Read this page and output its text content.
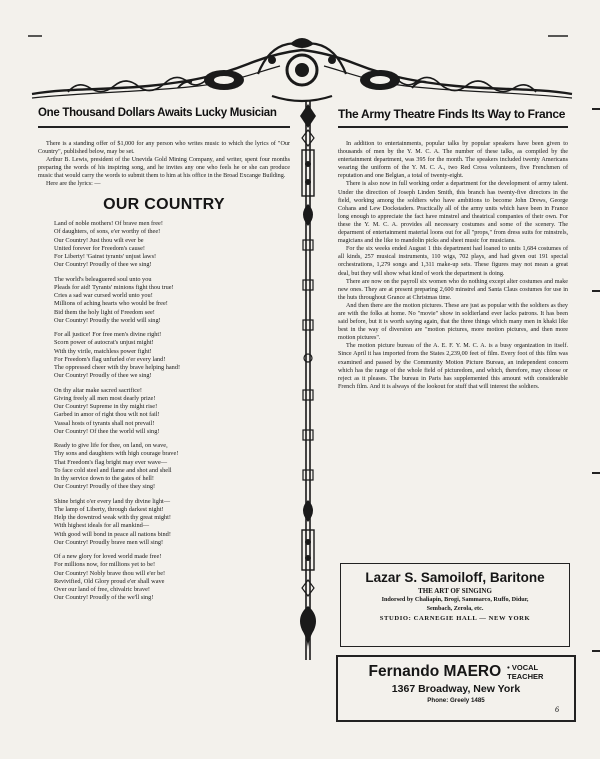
One Thousand Dollars Awaits Lucky Musician

There is a standing offer of $1,000 for any person who writes music to which the lyrics of "Our Country", published below, may be set.

Arthur B. Lewis, president of the Unevida Gold Mining Company, and writer, spent four months preparing the words of his inspiring song, and he invites any one who feels he or she can produce music that would carry the words to submit them to him at his office in the Broad Excange Building.

Here are the lyrics: —

OUR COUNTRY
Land of noble mothers! Of brave men free!
Of daughters, of sons, e'er worthy of thee!
Our Country! Just thou wilt ever be
United forever for Freedom's cause!
For Liberty! 'Gainst tyrants' unjust laws!
Our Country! Proudly of thee we sing!
The world's beleaguered soul unto you
Pleads for aid! Tyrants' minions fight thou true!
Cries a sad war cursed world unto you!
Millions of aching hearts who would be free!
Bid them the holy light of Freedom see!
Our Country! Proudly the world will sing!
For all justice! For free men's divine right!
Scorn power of autocrat's unjust might!
With thy virile, matchless power fight!
For Freedom's flag unfurled o'er every land!
The oppressed cheer with thy brave helping hand!
Our Country! Proudly of thee we sing!
On thy altar make sacred sacrifice!
Giving freely all men most dearly prize!
Our Country! Supreme in thy might rise!
Garbed in amor of right thou wilt not fail!
Vassal hosts of tyrants shall not prevail!
Our Country! Of thee the world will sing!
Ready to give life for thee, on land, on wave,
Thy sons and daughters with high courage brave!
That Freedom's flag bright may ever wave—
To face cold steel and flame and shot and shell
In thy service down to the gates of hell!
Our Country! Proudly of thee they sing!
Shine bright o'er every land thy divine light—
The lamp of Liberty, through darkest night!
Help the downtrod weak with thy great might!
With highest ideals for all mankind—
With good will bond in peace all nations bind!
Our Country! Proudly brave men will sing!
Of a new glory for loved world made free!
For millions now, for millions yet to be!
Our Country! Nobly brave thou will e'er be!
Revivified, Old Glory proud e'er shall wave
Over our land of free, chivalric brave!
Our Country! Proudly of the we'll sing!
The Army Theatre Finds Its Way to France

In addition to entertainments, popular talks by popular speakers have been given to thousands of men by the Y. M. C. A. The number of these talks, as compiled by the entertainment department, was 395 for the month. The speakers included twenty Americans wearing the uniform of the Y. M. C. A., two Red Cross volunteers, five Frenchmen of reputation and one Belgian, a total of twenty-eight.

There is also now in full working order a department for the development of army talent. Under the direction of Joseph Linden Smith, this branch has twenty-five directors in the field, working among the soldiers who have ambitions to become John Drews, George Cohans and Lew Dockstaders. Practically all of the army units which have been in France long enough to appreciate the fact have minstrel and theatrical companies of their own. For these the Y. M. C. A. provides all necessary costumes and some of the scenery. The deparment of entertainment material loons out for all "props," from dress suits for minstrels, magicians and the like to mandolin picks and sheet music for musicians.

For the six weeks ended August 1 this department had loaned to units 1,684 costumes of all kinds, 257 musical instruments, 110 wigs, 702 plays, and had given out 191 special orchestrations, 1,279 songs and 1,311 make-up sets. These figures may not mean a great deal, but they will show what kind of work the department is doing.

There are now on the payroll six women who do nothing except alter costumes and make new ones. They are at present preparing 2,600 minstrel and Santa Claus costumes for use in the huts throughout Grance at Christmas time.

And then there are the motion pictures. These are just as popular with the soldiers as they are with the folks at home. No "movie" show in soldierland ever lacks patrons. It has been said before, but it is worth saying again, that the three things which many men in khaki like best in the way of diversion are "motion pictures, more motion pictures, and then more motion pictures".

The motion picture bureau of the A. E. F. Y. M. C. A. is a busy organization in itself. Since April it has imported from the States 2,239,00 feet of film. Every foot of this film was examined and passed by the Community Motion Picture Bureau, an independent concern which has the range of the whole field of picturedom, and which, therefore, may choose or reject as it pleases. The bureau in Paris has supplemented this amount with considerable French film. And it is always of the lookout for stuff that will interest the soldiers.

Lazar S. Samoiloff, Baritone
THE ART OF SINGING
Indorsed by Chaliapin, Brogi, Sammarco, Ruffo, Didur,
Sembach, Zerola, etc.
STUDIO: CARNEGIE HALL — NEW YORK
Fernando MAERO • VOCAL
TEACHER
1367 Broadway, New York
Phone: Greely 1485
6
